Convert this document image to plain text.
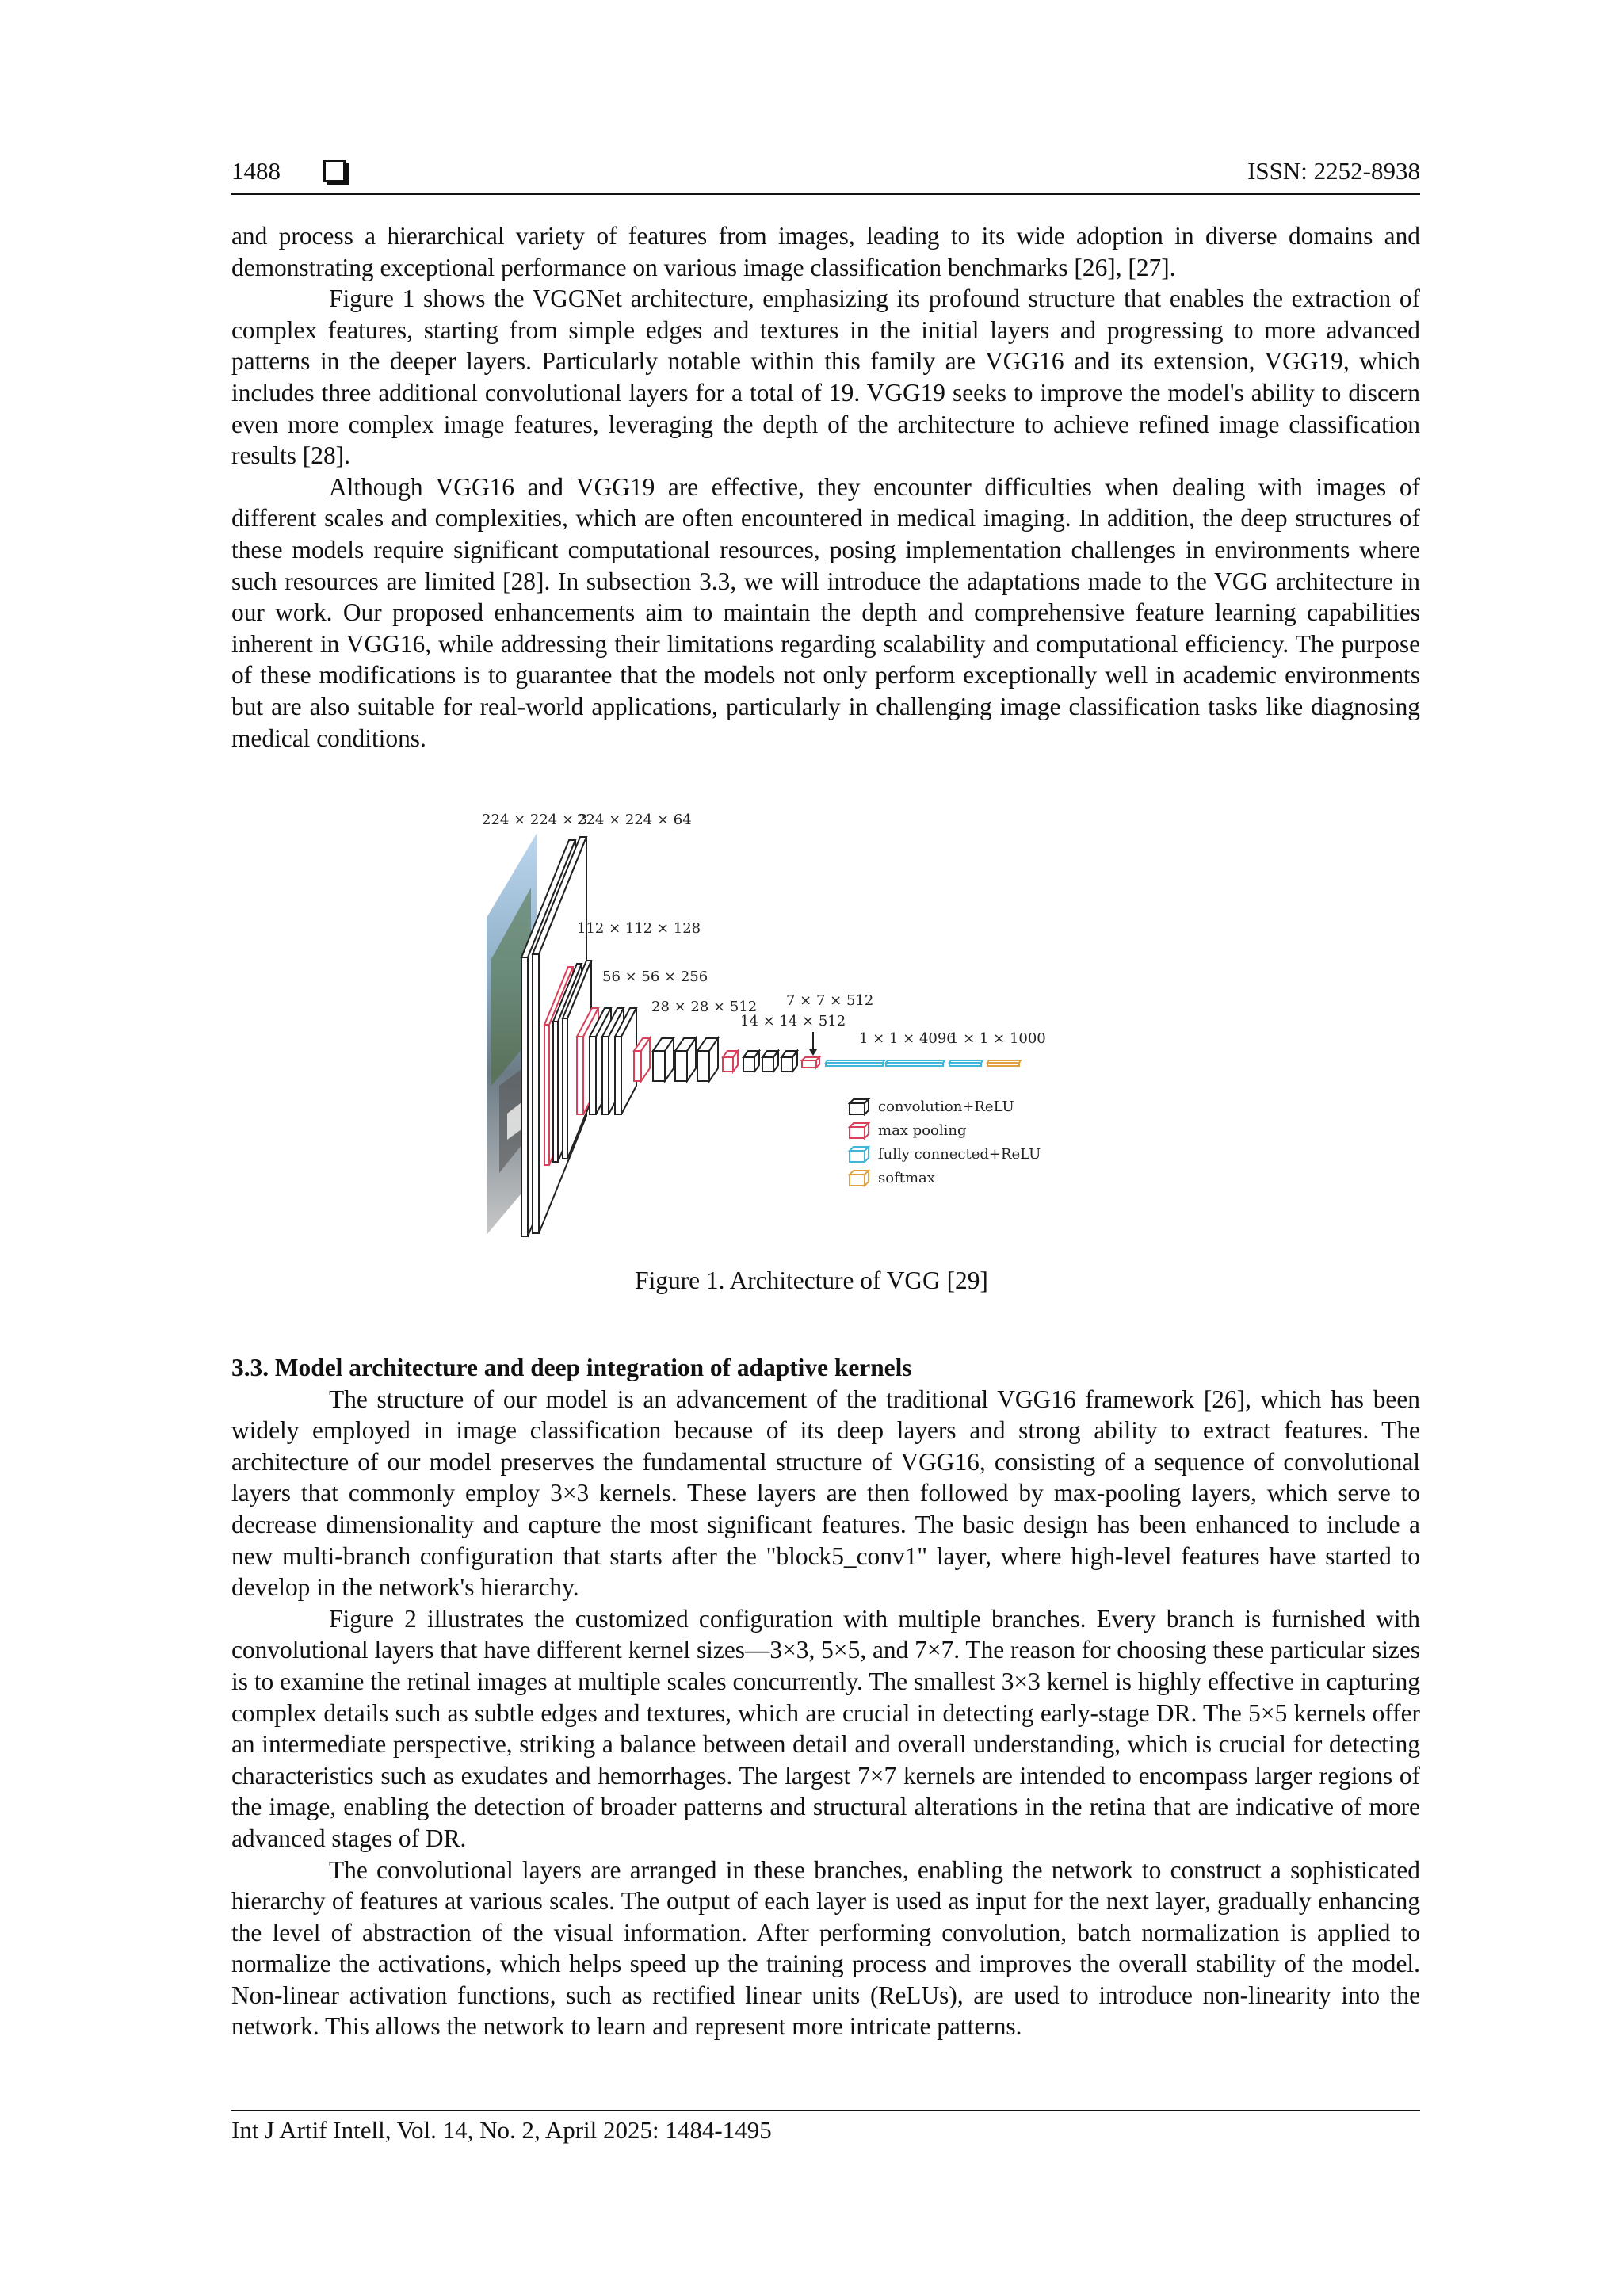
1488	ISSN: 2252-8938

and process a hierarchical variety of features from images, leading to its wide adoption in diverse domains and demonstrating exceptional performance on various image classification benchmarks [26], [27].

Figure 1 shows the VGGNet architecture, emphasizing its profound structure that enables the extraction of complex features, starting from simple edges and textures in the initial layers and progressing to more advanced patterns in the deeper layers. Particularly notable within this family are VGG16 and its extension, VGG19, which includes three additional convolutional layers for a total of 19. VGG19 seeks to improve the model's ability to discern even more complex image features, leveraging the depth of the architecture to achieve refined image classification results [28].

Although VGG16 and VGG19 are effective, they encounter difficulties when dealing with images of different scales and complexities, which are often encountered in medical imaging. In addition, the deep structures of these models require significant computational resources, posing implementation challenges in environments where such resources are limited [28]. In subsection 3.3, we will introduce the adaptations made to the VGG architecture in our work. Our proposed enhancements aim to maintain the depth and comprehensive feature learning capabilities inherent in VGG16, while addressing their limitations regarding scalability and computational efficiency. The purpose of these modifications is to guarantee that the models not only perform exceptionally well in academic environments but are also suitable for real-world applications, particularly in challenging image classification tasks like diagnosing medical conditions.

224 × 224 × 3
224 × 224 × 64
112 × 112 × 128
56 × 56 × 256
28 × 28 × 512
14 × 14 × 512
7 × 7 × 512
1 × 1 × 4096
1 × 1 × 1000
convolution+ReLU
max pooling
fully connected+ReLU
softmax
Figure 1. Architecture of VGG [29]

3.3. Model architecture and deep integration of adaptive kernels

The structure of our model is an advancement of the traditional VGG16 framework [26], which has been widely employed in image classification because of its deep layers and strong ability to extract features. The architecture of our model preserves the fundamental structure of VGG16, consisting of a sequence of convolutional layers that commonly employ 3×3 kernels. These layers are then followed by max-pooling layers, which serve to decrease dimensionality and capture the most significant features. The basic design has been enhanced to include a new multi-branch configuration that starts after the "block5_conv1" layer, where high-level features have started to develop in the network's hierarchy.

Figure 2 illustrates the customized configuration with multiple branches. Every branch is furnished with convolutional layers that have different kernel sizes—3×3, 5×5, and 7×7. The reason for choosing these particular sizes is to examine the retinal images at multiple scales concurrently. The smallest 3×3 kernel is highly effective in capturing complex details such as subtle edges and textures, which are crucial in detecting early-stage DR. The 5×5 kernels offer an intermediate perspective, striking a balance between detail and overall understanding, which is crucial for detecting characteristics such as exudates and hemorrhages. The largest 7×7 kernels are intended to encompass larger regions of the image, enabling the detection of broader patterns and structural alterations in the retina that are indicative of more advanced stages of DR.

The convolutional layers are arranged in these branches, enabling the network to construct a sophisticated hierarchy of features at various scales. The output of each layer is used as input for the next layer, gradually enhancing the level of abstraction of the visual information. After performing convolution, batch normalization is applied to normalize the activations, which helps speed up the training process and improves the overall stability of the model. Non-linear activation functions, such as rectified linear units (ReLUs), are used to introduce non-linearity into the network. This allows the network to learn and represent more intricate patterns.

Int J Artif Intell, Vol. 14, No. 2, April 2025: 1484-1495
